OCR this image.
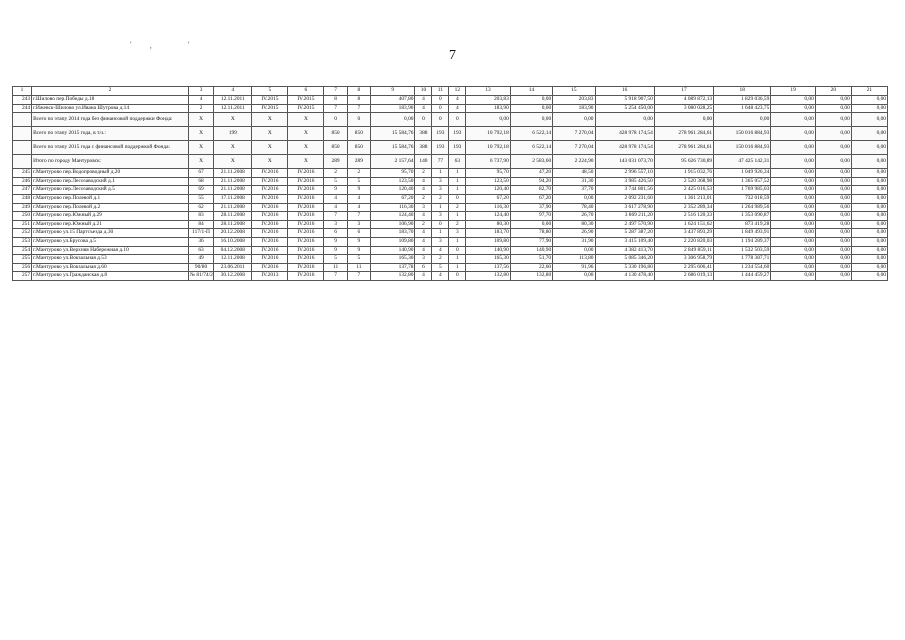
'        ,                '
7
1	2	3	4	5	6	7	8	9	10	11	12	13	14	15	16	17	18	19	20	21
243	г.Шилово пер.Победы д.18	4	12.11.2011	IV.2015	IV.2015	8	8	407,80	4	0	4	203,83	0,00	203,83	5 918 907,50	4 089 872,13	1 829 036,59	0,00	0,00	0,00
244	г.Ижевск-Шилово ул.Ивана Шутрова д.14	2	12.11.2011	IV.2015	IV.2015	7	7	183,90	4	0	4	183,90	0,00	183,90	5 254 450,00	3 080 028,25	1 648 423,75	0,00	0,00	0,00
	Всего по этапу 2014 года без финансовой поддержки Фонда:	X	X	X	X	0	0	0,00	0	0	0	0,00	0,00	0,00	0,00	0,00	0,00	0,00	0,00	0,00
	Всего по этапу 2015 года, в т.ч.:	X	199	X	X	850	850	15 584,76	388	193	193	10 792,18	6 522,14	7 270,04	428 978 174,54	278 961 284,61	150 016 884,93	0,00	0,00	0,00
	Всего по этапу 2015 года с финансовой поддержкой Фонда:	X	X	X	X	850	850	15 584,76	388	193	193	10 792,18	6 522,14	7 270,04	428 978 174,54	278 961 284,61	150 016 884,93	0,00	0,00	0,00
	Итого по городу Мантуровск:	X	X	X	X	289	289	2 157,64	140	77	63	6 737,90	2 583,60	2 224,90	143 031 073,70	95 626 730,89	47 425 142,31	0,00	0,00	0,00
245	г.Мантурово пер.Водопроводный д.20	67	21.11.2008	IV.2016	IV.2016	2	2	95,70	2	1	1	95,70	47,20	48,50	2 996 557,10	1 915 032,76	1 049 926,34	0,00	0,00	0,00
246	г.Мантурово пер.Лесозаводский д.1	68	21.11.2008	IV.2016	IV.2016	5	5	123,50	4	3	1	123,50	94,20	31,30	3 985 426,50	2 520 368,98	1 365 057,52	0,00	0,00	0,00
247	г.Мантурово пер.Лесозаводский д.5	69	21.11.2008	IV.2016	IV.2016	9	9	120,40	4	3	1	120,40	82,70	37,70	3 744 801,56	2 425 016,53	1 769 985,03	0,00	0,00	0,00
248	г.Мантурово пер.Полевой д.1	55	17.11.2008	IV.2016	IV.2016	4	4	67,20	2	2	0	67,20	67,20	0,00	2 092 231,60	1 361 213,01	732 018,59	0,00	0,00	0,00
249	г.Мантурово пер.Полевой д.2	62	21.11.2008	IV.2016	IV.2016	4	4	116,30	3	1	2	116,30	37,90	78,40	3 617 278,90	2 352 289,34	1 264 989,56	0,00	0,00	0,00
250	г.Мантурово пер.Южный д.29	83	28.11.2008	IV.2016	IV.2016	7	7	124,40	4	3	1	124,40	97,70	26,70	3 869 211,20	2 516 120,33	1 353 090,87	0,00	0,00	0,00
251	г.Мантурово пер.Южный д.21	84	28.11.2008	IV.2016	IV.2016	3	3	106,90	2	0	2	80,30	0,00	80,30	2 497 570,90	1 624 151,62	873 419,28	0,00	0,00	0,00
252	г.Мантурово ул.15 Партсъезда д.30	117/1-П	20.12.2008	IV.2016	IV.2016	6	6	183,70	4	1	3	183,70	78,80	26,90	5 287 387,20	3 437 893,29	1 849 493,91	0,00	0,00	0,00
253	г.Мантурово ул.Брусова д.5	36	16.10.2008	IV.2016	IV.2016	9	9	109,80	4	3	1	109,80	77,90	31,90	3 415 109,40	2 220 820,03	1 194 289,37	0,00	0,00	0,00
254	г.Мантурово ул.Верхняя Набережная д.10	63	04.12.2008	IV.2016	IV.2016	9	9	140,90	4	4	0	140,90	140,90	0,00	4 382 413,70	2 849 859,11	1 532 503,59	0,00	0,00	0,00
255	г.Мантурово ул.Вокзальная д.53	49	12.11.2008	IV.2016	IV.2016	5	5	165,30	3	2	1	165,30	51,70	113,80	5 085 346,20	3 306 958,79	1 778 387,71	0,00	0,00	0,00
256	г.Мантурово ул.Вокзальная д.60	90/80	23.06.2011	IV.2016	IV.2016	11	11	137,78	6	5	1	137,56	22,60	91,96	5 330 196,80	2 295 606,41	1 234 554,60	0,00	0,00	0,00
257	г.Мантурово ул.Гражданская д.8	№ 81/74/2	30.12.2008	IV.2013	IV.2016	7	7	132,80	4	4	0	132,80	132,80	0,00	4 130 478,40	2 686 019,13	1 444 459,27	0,00	0,00	0,00
